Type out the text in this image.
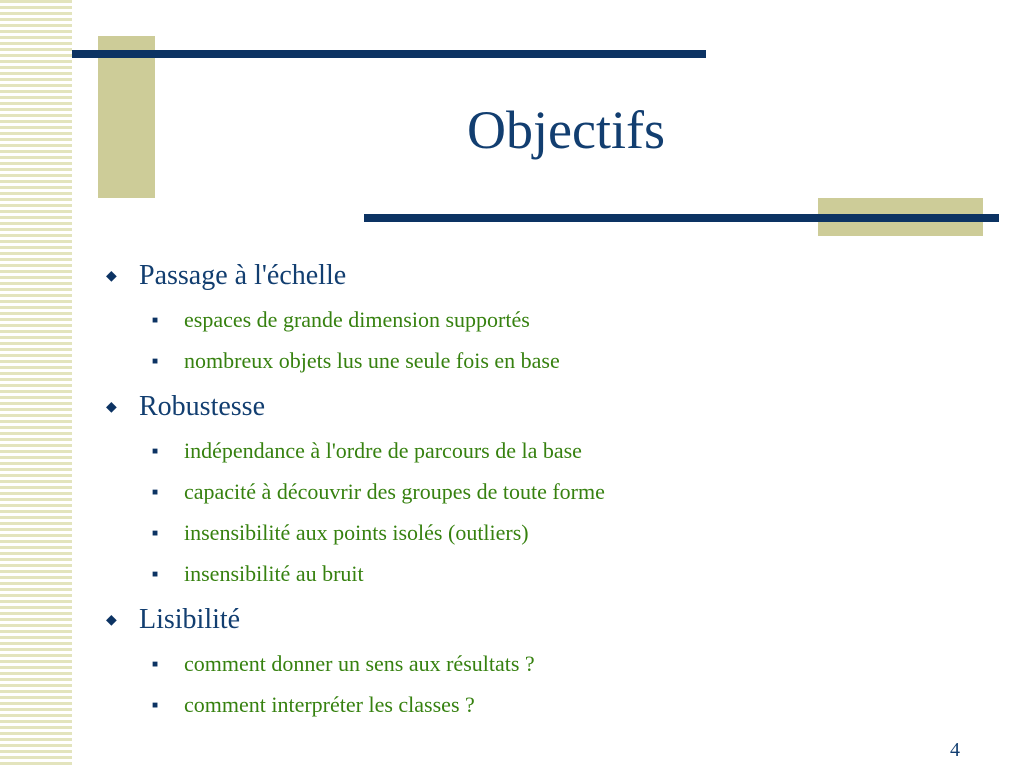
Objectifs
◆ Passage à l'échelle
■	espaces de grande dimension supportés
■	nombreux objets lus une seule fois en base
◆ Robustesse
■	indépendance à l'ordre de parcours de la base
■	capacité à découvrir des groupes de toute forme
■	insensibilité aux points isolés (outliers)
■	insensibilité au bruit
◆ Lisibilité
■	comment donner un sens aux résultats ?
■	comment interpréter les classes ?
4
